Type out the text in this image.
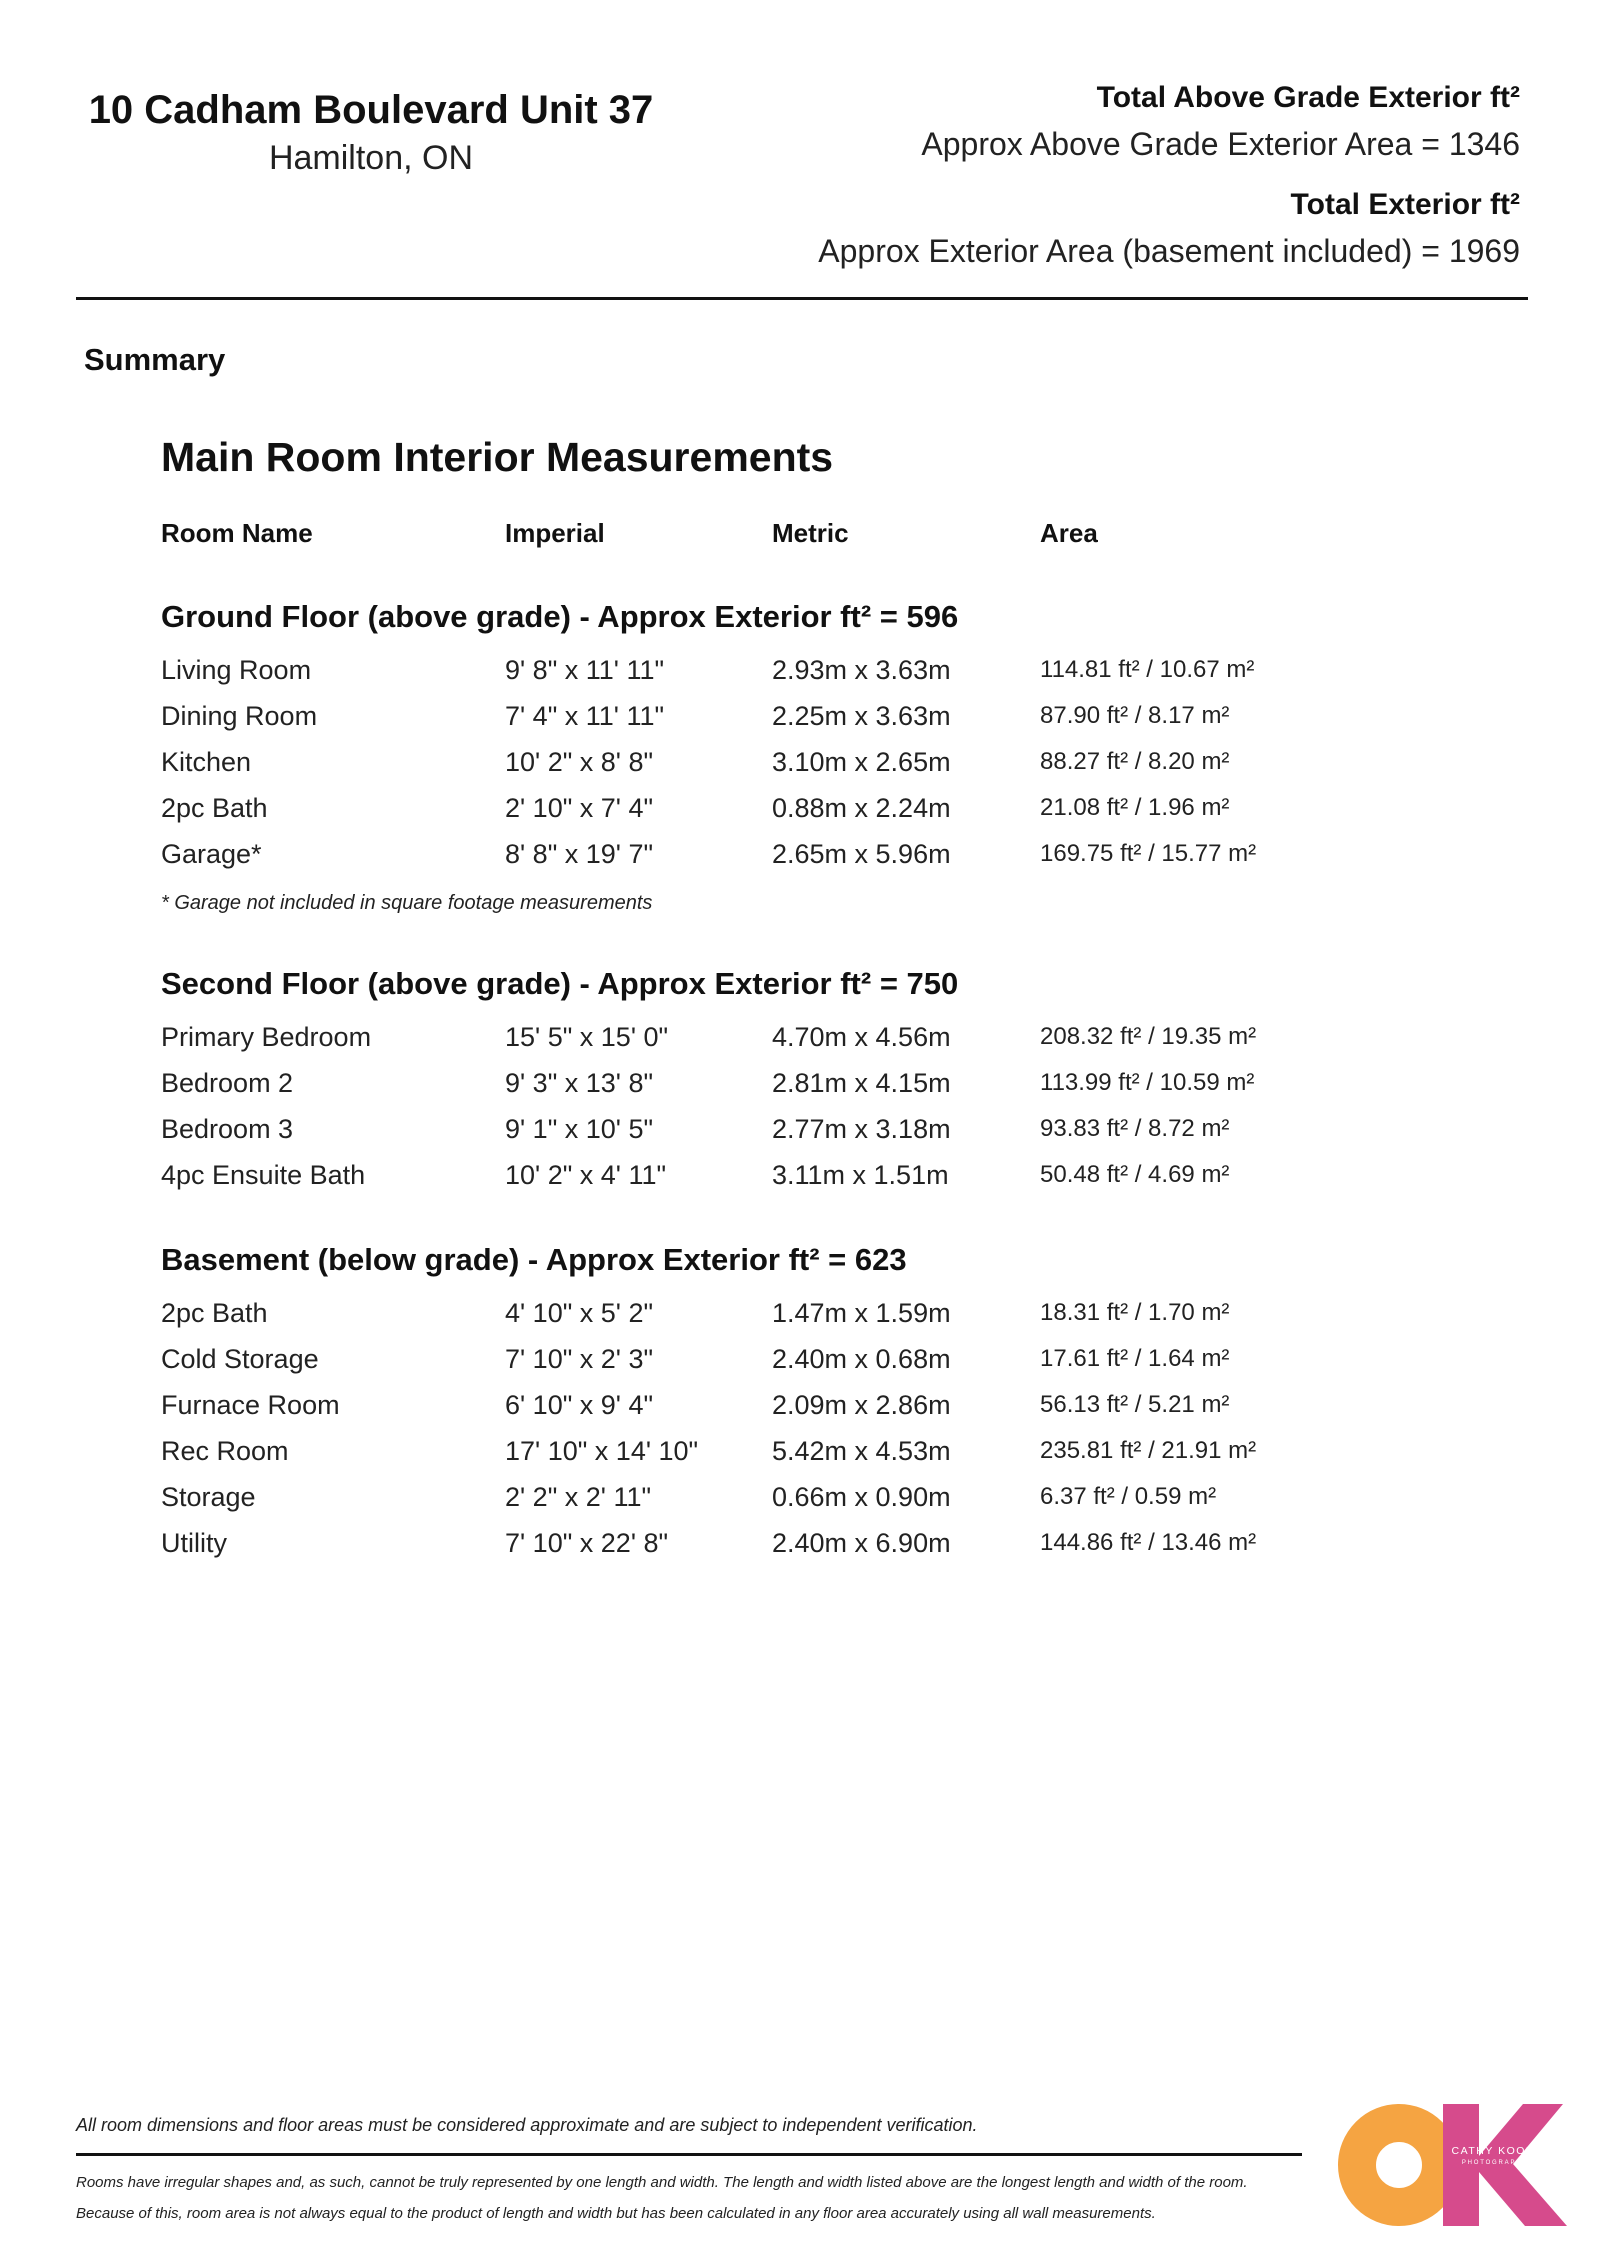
10 Cadham Boulevard Unit 37
Hamilton, ON
Total Above Grade Exterior ft²
Approx Above Grade Exterior Area = 1346
Total Exterior ft²
Approx Exterior Area (basement included) = 1969
Summary
Main Room Interior Measurements
Room Name	Imperial	Metric	Area
Ground Floor (above grade) - Approx Exterior ft² = 596
Living Room	9' 8" x 11' 11"	2.93m x 3.63m	114.81 ft² / 10.67 m²
Dining Room	7' 4" x 11' 11"	2.25m x 3.63m	87.90 ft² / 8.17 m²
Kitchen	10' 2" x 8' 8"	3.10m x 2.65m	88.27 ft² / 8.20 m²
2pc Bath	2' 10" x 7' 4"	0.88m x 2.24m	21.08 ft² / 1.96 m²
Garage*	8' 8" x 19' 7"	2.65m x 5.96m	169.75 ft² / 15.77 m²
* Garage not included in square footage measurements
Second Floor (above grade) - Approx Exterior ft² = 750
Primary Bedroom	15' 5" x 15' 0"	4.70m x 4.56m	208.32 ft² / 19.35 m²
Bedroom 2	9' 3" x 13' 8"	2.81m x 4.15m	113.99 ft² / 10.59 m²
Bedroom 3	9' 1" x 10' 5"	2.77m x 3.18m	93.83 ft² / 8.72 m²
4pc Ensuite Bath	10' 2" x 4' 11"	3.11m x 1.51m	50.48 ft² / 4.69 m²
Basement (below grade) - Approx Exterior ft² = 623
2pc Bath	4' 10" x 5' 2"	1.47m x 1.59m	18.31 ft² / 1.70 m²
Cold Storage	7' 10" x 2' 3"	2.40m x 0.68m	17.61 ft² / 1.64 m²
Furnace Room	6' 10" x 9' 4"	2.09m x 2.86m	56.13 ft² / 5.21 m²
Rec Room	17' 10" x 14' 10"	5.42m x 4.53m	235.81 ft² / 21.91 m²
Storage	2' 2" x 2' 11"	0.66m x 0.90m	6.37 ft² / 0.59 m²
Utility	7' 10" x 22' 8"	2.40m x 6.90m	144.86 ft² / 13.46 m²
All room dimensions and floor areas must be considered approximate and are subject to independent verification.
Rooms have irregular shapes and, as such, cannot be truly represented by one length and width. The length and width listed above are the longest length and width of the room.
Because of this, room area is not always equal to the product of length and width but has been calculated in any floor area accurately using all wall measurements.
CATHY KOOP
PHOTOGRAPHY
